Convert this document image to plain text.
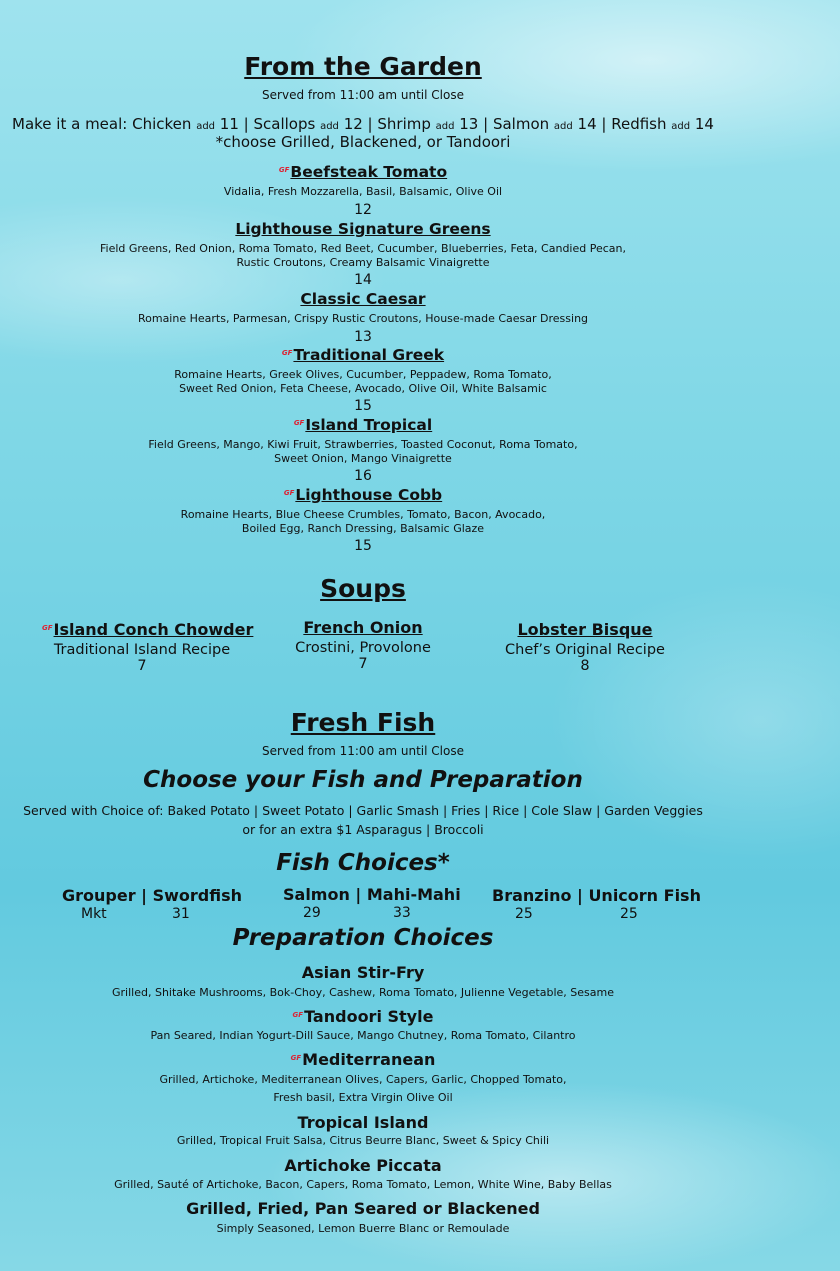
From the Garden
Served from 11:00 am until Close
Make it a meal: Chicken add 11 | Scallops add 12 | Shrimp add 13 | Salmon add 14 | Redfish add 14
*choose Grilled, Blackened, or Tandoori
GFBeefsteak Tomato
Vidalia, Fresh Mozzarella, Basil, Balsamic, Olive Oil
12
Lighthouse Signature Greens
Field Greens, Red Onion, Roma Tomato, Red Beet, Cucumber, Blueberries, Feta, Candied Pecan,
Rustic Croutons, Creamy Balsamic Vinaigrette
14
Classic Caesar
Romaine Hearts, Parmesan, Crispy Rustic Croutons, House-made Caesar Dressing
13
GFTraditional Greek
Romaine Hearts, Greek Olives, Cucumber, Peppadew, Roma Tomato,
Sweet Red Onion, Feta Cheese, Avocado, Olive Oil, White Balsamic
15
GFIsland Tropical
Field Greens, Mango, Kiwi Fruit, Strawberries, Toasted Coconut, Roma Tomato,
Sweet Onion, Mango Vinaigrette
16
GFLighthouse Cobb
Romaine Hearts, Blue Cheese Crumbles, Tomato, Bacon, Avocado,
Boiled Egg, Ranch Dressing, Balsamic Glaze
15
Soups
GFIsland Conch Chowder
Traditional Island Recipe
7
French Onion
Crostini, Provolone
7
Lobster Bisque
Chef’s Original Recipe
8
Fresh Fish
Served from 11:00 am until Close
Choose your Fish and Preparation
Served with Choice of: Baked Potato | Sweet Potato | Garlic Smash | Fries | Rice | Cole Slaw | Garden Veggies
or for an extra $1 Asparagus | Broccoli
Fish Choices*
Grouper | Swordfish
Mkt	31
Salmon | Mahi-Mahi
29	33
Branzino | Unicorn Fish
25	25
Preparation Choices
Asian Stir-Fry
Grilled, Shitake Mushrooms, Bok-Choy, Cashew, Roma Tomato, Julienne Vegetable, Sesame
GFTandoori Style
Pan Seared, Indian Yogurt-Dill Sauce, Mango Chutney, Roma Tomato, Cilantro
GFMediterranean
Grilled, Artichoke, Mediterranean Olives, Capers, Garlic, Chopped Tomato,
Fresh basil, Extra Virgin Olive Oil
Tropical Island
Grilled, Tropical Fruit Salsa, Citrus Beurre Blanc, Sweet & Spicy Chili
Artichoke Piccata
Grilled, Sauté of Artichoke, Bacon, Capers, Roma Tomato, Lemon, White Wine, Baby Bellas
Grilled, Fried, Pan Seared or Blackened
Simply Seasoned, Lemon Buerre Blanc or Remoulade
